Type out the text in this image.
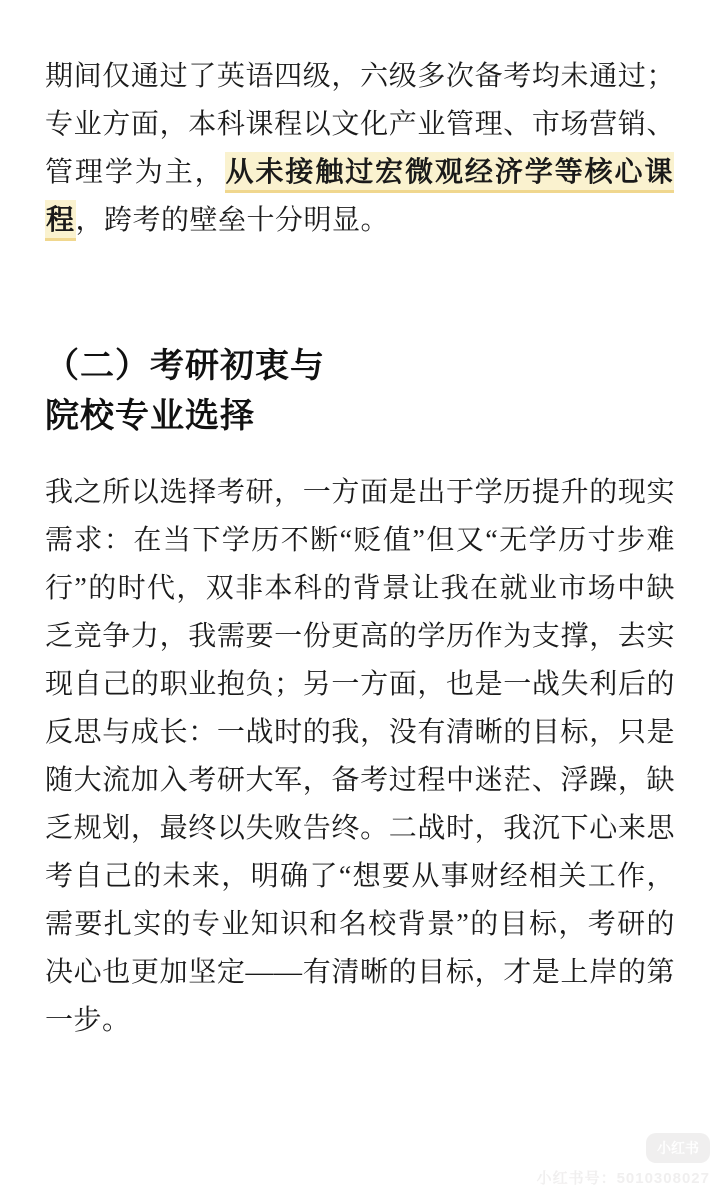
期间仅通过了英语四级，六级多次备考均未通过；专业方面，本科课程以文化产业管理、市场营销、管理学为主，从未接触过宏微观经济学等核心课程，跨考的壁垒十分明显。

（二）考研初衷与
院校专业选择

我之所以选择考研，一方面是出于学历提升的现实需求：在当下学历不断“贬值”但又“无学历寸步难行”的时代，双非本科的背景让我在就业市场中缺乏竞争力，我需要一份更高的学历作为支撑，去实现自己的职业抱负；另一方面，也是一战失利后的反思与成长：一战时的我，没有清晰的目标，只是随大流加入考研大军，备考过程中迷茫、浮躁，缺乏规划，最终以失败告终。二战时，我沉下心来思考自己的未来，明确了“想要从事财经相关工作，需要扎实的专业知识和名校背景”的目标，考研的决心也更加坚定——有清晰的目标，才是上岸的第一步。

小红书
小红书号：5010308027
